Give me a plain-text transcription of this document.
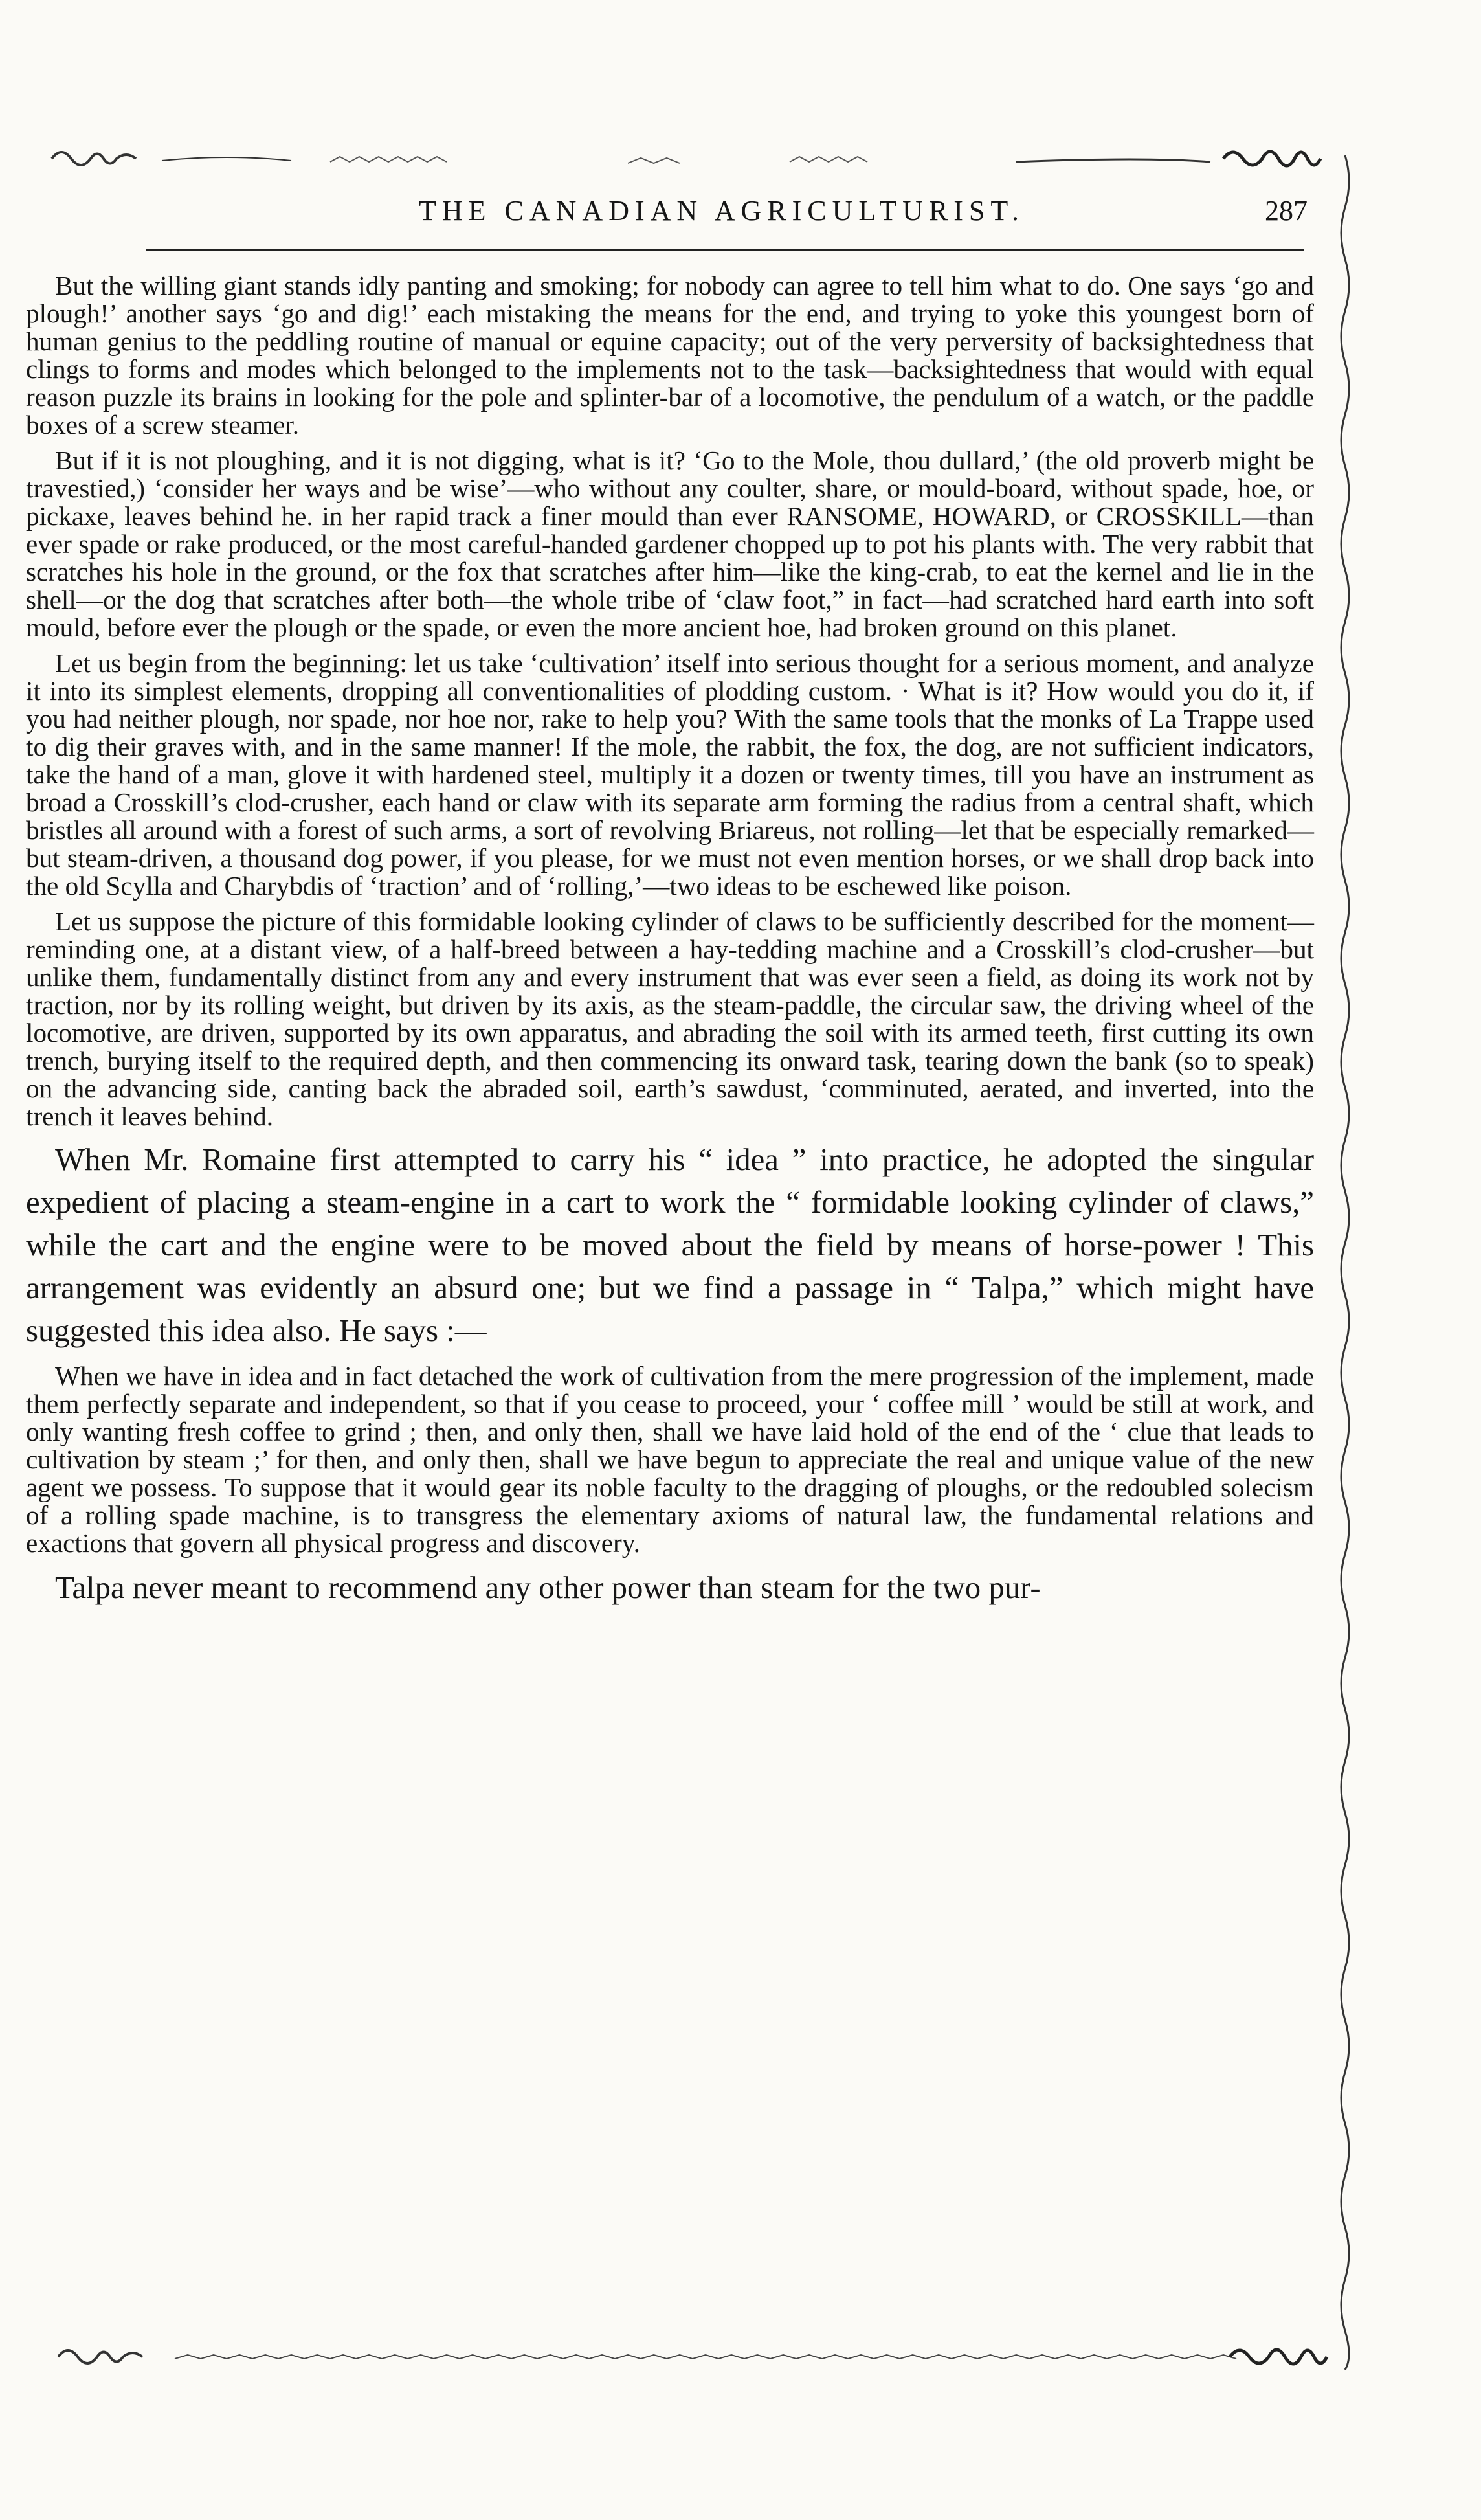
THE CANADIAN AGRICULTURIST.	287

But the willing giant stands idly panting and smoking; for nobody can agree to tell him what to do. One says ‘go and plough!’ another says ‘go and dig!’ each mistaking the means for the end, and trying to yoke this youngest born of human genius to the peddling routine of manual or equine capacity; out of the very perversity of backsightedness that clings to forms and modes which belonged to the implements not to the task—backsightedness that would with equal reason puzzle its brains in looking for the pole and splinter-bar of a locomotive, the pendulum of a watch, or the paddle boxes of a screw steamer.

But if it is not ploughing, and it is not digging, what is it? ‘Go to the Mole, thou dullard,’ (the old proverb might be travestied,) ‘consider her ways and be wise’—who without any coulter, share, or mould-board, without spade, hoe, or pickaxe, leaves behind he. in her rapid track a finer mould than ever RANSOME, HOWARD, or CROSSKILL—than ever spade or rake produced, or the most careful-handed gardener chopped up to pot his plants with. The very rabbit that scratches his hole in the ground, or the fox that scratches after him—like the king-crab, to eat the kernel and lie in the shell—or the dog that scratches after both—the whole tribe of ‘claw foot,” in fact—had scratched hard earth into soft mould, before ever the plough or the spade, or even the more ancient hoe, had broken ground on this planet.

Let us begin from the beginning: let us take ‘cultivation’ itself into serious thought for a serious moment, and analyze it into its simplest elements, dropping all conventionalities of plodding custom. · What is it? How would you do it, if you had neither plough, nor spade, nor hoe nor, rake to help you? With the same tools that the monks of La Trappe used to dig their graves with, and in the same manner! If the mole, the rabbit, the fox, the dog, are not sufficient indicators, take the hand of a man, glove it with hardened steel, multiply it a dozen or twenty times, till you have an instrument as broad a Crosskill’s clod-crusher, each hand or claw with its separate arm forming the radius from a central shaft, which bristles all around with a forest of such arms, a sort of revolving Briareus, not rolling—let that be especially remarked—but steam-driven, a thousand dog power, if you please, for we must not even mention horses, or we shall drop back into the old Scylla and Charybdis of ‘traction’ and of ‘rolling,’—two ideas to be eschewed like poison.

Let us suppose the picture of this formidable looking cylinder of claws to be sufficiently described for the moment—reminding one, at a distant view, of a half-breed between a hay-tedding machine and a Crosskill’s clod-crusher—but unlike them, fundamentally distinct from any and every instrument that was ever seen a field, as doing its work not by traction, nor by its rolling weight, but driven by its axis, as the steam-paddle, the circular saw, the driving wheel of the locomotive, are driven, supported by its own apparatus, and abrading the soil with its armed teeth, first cutting its own trench, burying itself to the required depth, and then commencing its onward task, tearing down the bank (so to speak) on the advancing side, canting back the abraded soil, earth’s sawdust, ‘comminuted, aerated, and inverted, into the trench it leaves behind.

When Mr. Romaine first attempted to carry his “ idea ” into practice, he adopted the singular expedient of placing a steam-engine in a cart to work the “ formidable looking cylinder of claws,” while the cart and the engine were to be moved about the field by means of horse-power ! This arrangement was evidently an absurd one; but we find a passage in “ Talpa,” which might have suggested this idea also. He says :—

When we have in idea and in fact detached the work of cultivation from the mere progression of the implement, made them perfectly separate and independent, so that if you cease to proceed, your ‘ coffee mill ’ would be still at work, and only wanting fresh coffee to grind ; then, and only then, shall we have laid hold of the end of the ‘ clue that leads to cultivation by steam ;’ for then, and only then, shall we have begun to appreciate the real and unique value of the new agent we possess. To suppose that it would gear its noble faculty to the dragging of ploughs, or the redoubled solecism of a rolling spade machine, is to transgress the elementary axioms of natural law, the fundamental relations and exactions that govern all physical progress and discovery.

Talpa never meant to recommend any other power than steam for the two pur-
